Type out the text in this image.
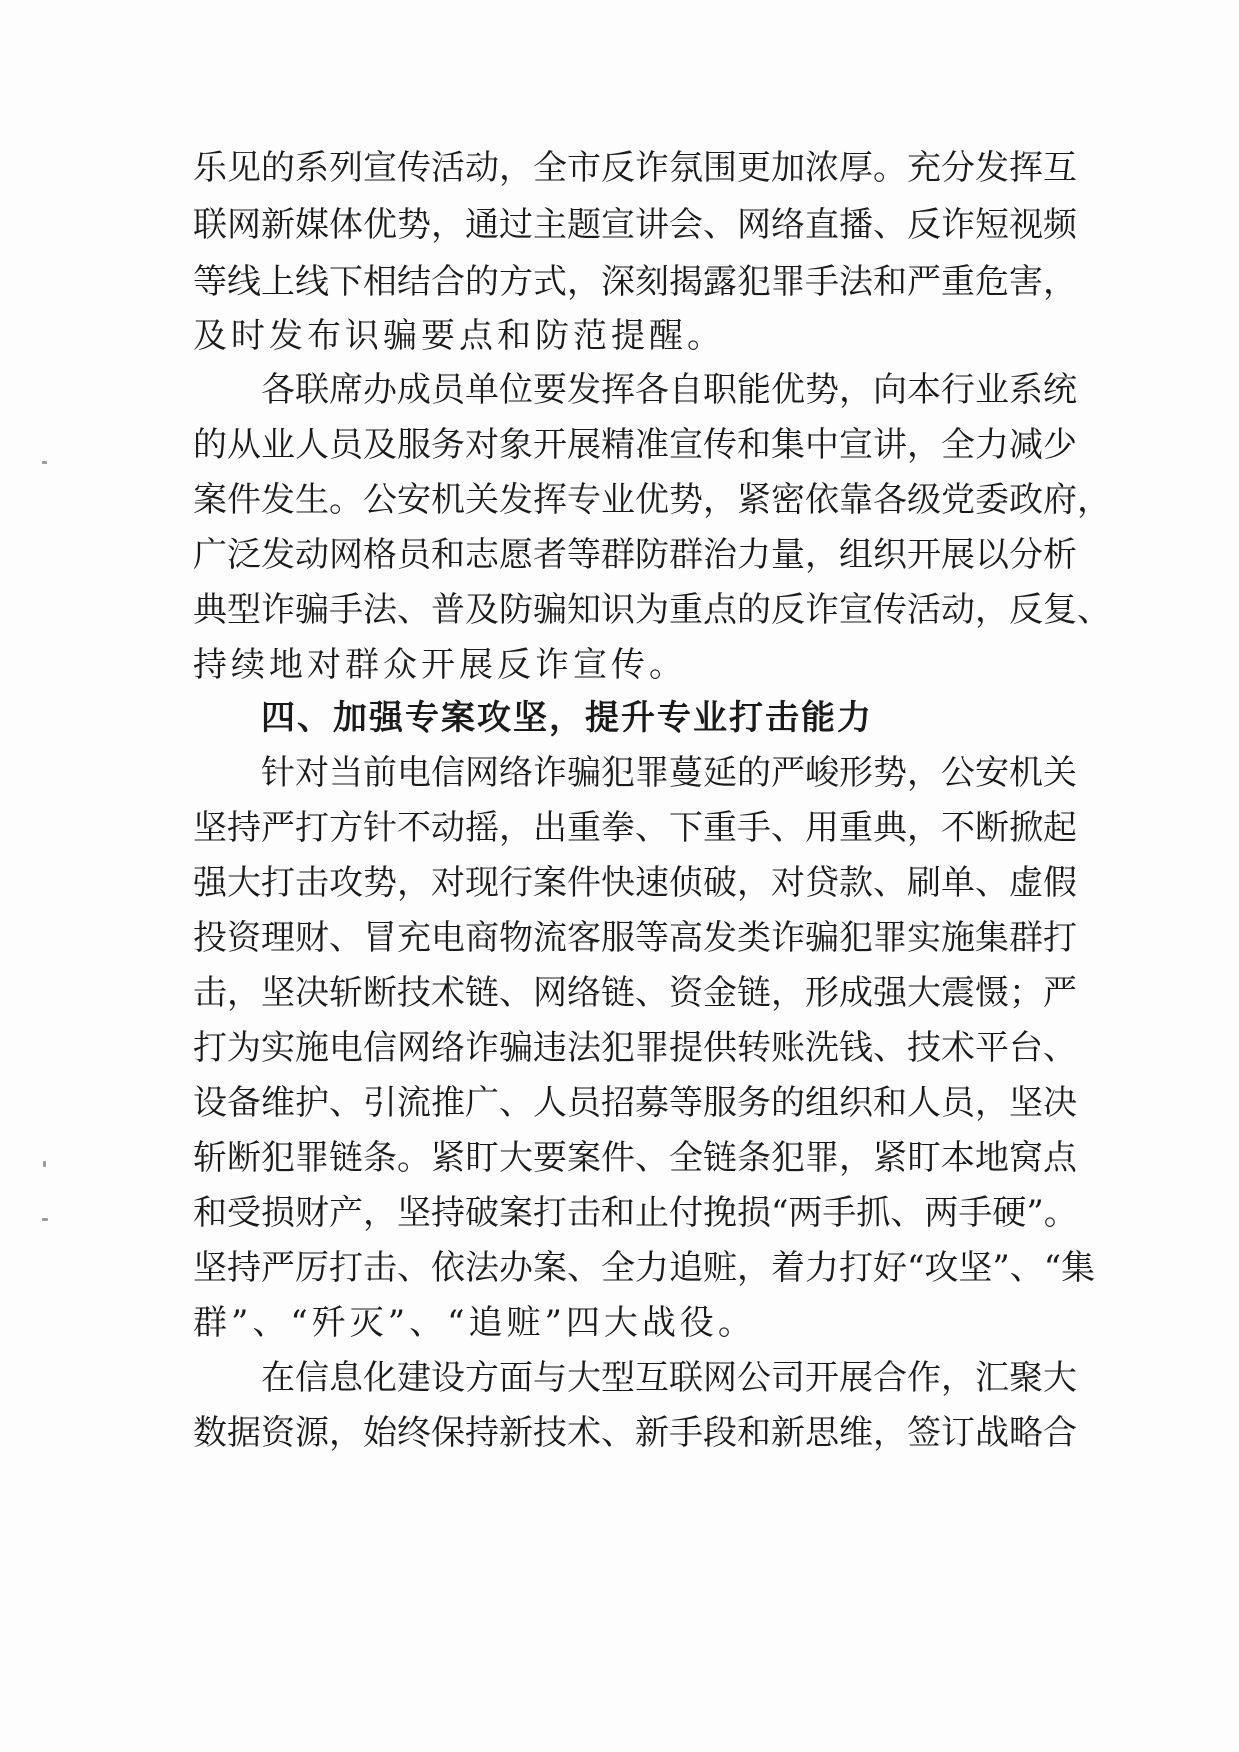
乐见的系列宣传活动，全市反诈氛围更加浓厚。充分发挥互
联网新媒体优势，通过主题宣讲会、网络直播、反诈短视频
等线上线下相结合的方式，深刻揭露犯罪手法和严重危害，
及时发布识骗要点和防范提醒。
各联席办成员单位要发挥各自职能优势，向本行业系统
的从业人员及服务对象开展精准宣传和集中宣讲，全力减少
案件发生。公安机关发挥专业优势，紧密依靠各级党委政府，
广泛发动网格员和志愿者等群防群治力量，组织开展以分析
典型诈骗手法、普及防骗知识为重点的反诈宣传活动，反复、
持续地对群众开展反诈宣传。
四、加强专案攻坚，提升专业打击能力
针对当前电信网络诈骗犯罪蔓延的严峻形势，公安机关
坚持严打方针不动摇，出重拳、下重手、用重典，不断掀起
强大打击攻势，对现行案件快速侦破，对贷款、刷单、虚假
投资理财、冒充电商物流客服等高发类诈骗犯罪实施集群打
击，坚决斩断技术链、网络链、资金链，形成强大震慑；严
打为实施电信网络诈骗违法犯罪提供转账洗钱、技术平台、
设备维护、引流推广、人员招募等服务的组织和人员，坚决
斩断犯罪链条。紧盯大要案件、全链条犯罪，紧盯本地窝点
和受损财产，坚持破案打击和止付挽损“两手抓、两手硬”。
坚持严厉打击、依法办案、全力追赃，着力打好“攻坚”、“集
群”、“歼灭”、“追赃”四大战役。
在信息化建设方面与大型互联网公司开展合作，汇聚大
数据资源，始终保持新技术、新手段和新思维，签订战略合
